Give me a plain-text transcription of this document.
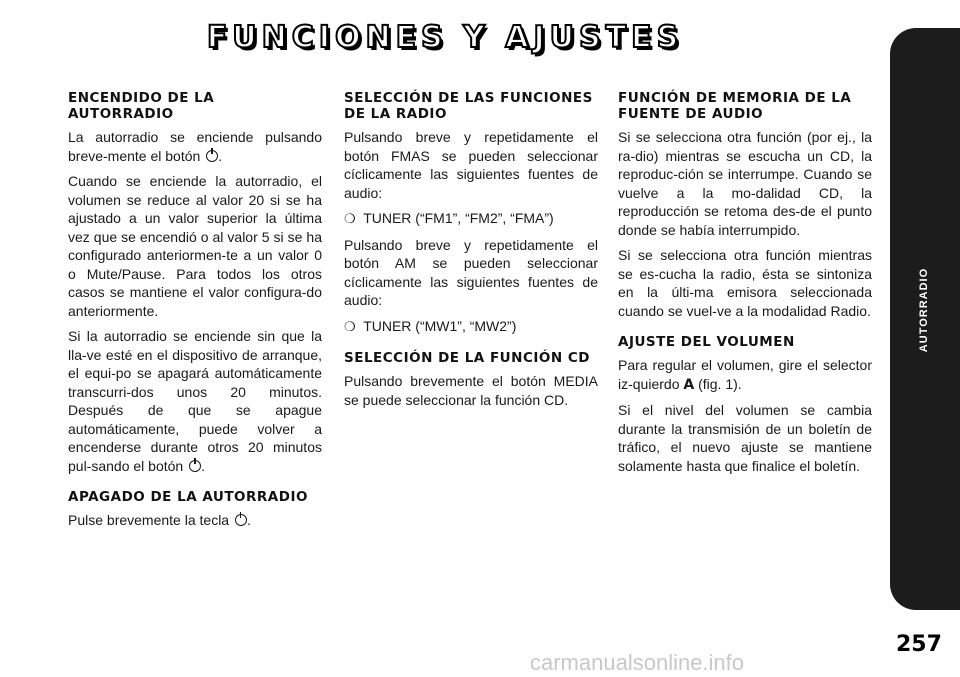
FUNCIONES Y AJUSTES
AUTORRADIO
ENCENDIDO DE LA AUTORRADIO

La autorradio se enciende pulsando breve-mente el botón .

Cuando se enciende la autorradio, el volumen se reduce al valor 20 si se ha ajustado a un valor superior la última vez que se encendió o al valor 5 si se ha configurado anteriormen-te a un valor 0 o Mute/Pause. Para todos los otros casos se mantiene el valor configura-do anteriormente.

Si la autorradio se enciende sin que la lla-ve esté en el dispositivo de arranque, el equi-po se apagará automáticamente transcurri-dos unos 20 minutos. Después de que se apague automáticamente, puede volver a encenderse durante otros 20 minutos pul-sando el botón .

APAGADO DE LA AUTORRADIO

Pulse brevemente la tecla .

SELECCIÓN DE LAS FUNCIONES DE LA RADIO

Pulsando breve y repetidamente el botón FMAS se pueden seleccionar cíclicamente las siguientes fuentes de audio:

❍ TUNER (“FM1”, “FM2”, “FMA”)

Pulsando breve y repetidamente el botón AM se pueden seleccionar cíclicamente las siguientes fuentes de audio:

❍ TUNER (“MW1”, “MW2”)

SELECCIÓN DE LA FUNCIÓN CD

Pulsando brevemente el botón MEDIA se puede seleccionar la función CD.

FUNCIÓN DE MEMORIA DE LA FUENTE DE AUDIO

Si se selecciona otra función (por ej., la ra-dio) mientras se escucha un CD, la reproduc-ción se interrumpe. Cuando se vuelve a la mo-dalidad CD, la reproducción se retoma des-de el punto donde se había interrumpido.

Si se selecciona otra función mientras se es-cucha la radio, ésta se sintoniza en la últi-ma emisora seleccionada cuando se vuel-ve a la modalidad Radio.

AJUSTE DEL VOLUMEN

Para regular el volumen, gire el selector iz-quierdo A (fig. 1).

Si el nivel del volumen se cambia durante la transmisión de un boletín de tráfico, el nuevo ajuste se mantiene solamente hasta que finalice el boletín.

carmanualsonline.info
257
